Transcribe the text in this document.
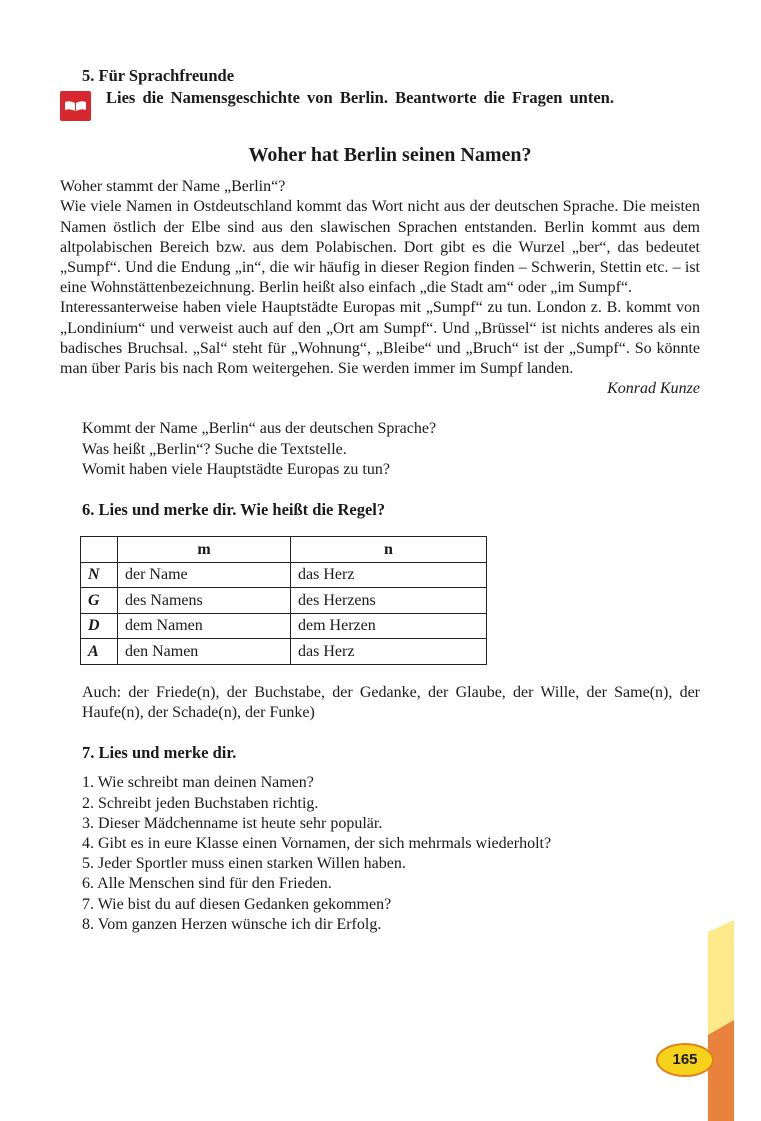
5. Für Sprachfreunde
Lies die Namensgeschichte von Berlin. Beantworte die Fragen unten.
Woher hat Berlin seinen Namen?
Woher stammt der Name „Berlin“?
Wie viele Namen in Ostdeutschland kommt das Wort nicht aus der deutschen Sprache. Die meisten Namen östlich der Elbe sind aus den slawischen Sprachen entstanden. Berlin kommt aus dem altpolabischen Bereich bzw. aus dem Polabischen. Dort gibt es die Wurzel „ber“, das bedeutet „Sumpf“. Und die Endung „in“, die wir häufig in dieser Region finden – Schwerin, Stettin etc. – ist eine Wohnstättenbezeichnung. Berlin heißt also einfach „die Stadt am“ oder „im Sumpf“.
Interessanterweise haben viele Hauptstädte Europas mit „Sumpf“ zu tun. London z. B. kommt von „Londinium“ und verweist auch auf den „Ort am Sumpf“. Und „Brüssel“ ist nichts anderes als ein badisches Bruchsal. „Sal“ steht für „Wohnung“, „Bleibe“ und „Bruch“ ist der „Sumpf“. So könnte man über Paris bis nach Rom weitergehen. Sie werden immer im Sumpf landen.
Konrad Kunze
Kommt der Name „Berlin“ aus der deutschen Sprache?
Was heißt „Berlin“? Suche die Textstelle.
Womit haben viele Hauptstädte Europas zu tun?
6. Lies und merke dir. Wie heißt die Regel?
	m	n
N	der Name	das Herz
G	des Namens	des Herzens
D	dem Namen	dem Herzen
A	den Namen	das Herz
Auch: der Friede(n), der Buchstabe, der Gedanke, der Glaube, der Wille, der Same(n), der Haufe(n), der Schade(n), der Funke)
7. Lies und merke dir.
1. Wie schreibt man deinen Namen?
2. Schreibt jeden Buchstaben richtig.
3. Dieser Mädchenname ist heute sehr populär.
4. Gibt es in eure Klasse einen Vornamen, der sich mehrmals wiederholt?
5. Jeder Sportler muss einen starken Willen haben.
6. Alle Menschen sind für den Frieden.
7. Wie bist du auf diesen Gedanken gekommen?
8. Vom ganzen Herzen wünsche ich dir Erfolg.
165
